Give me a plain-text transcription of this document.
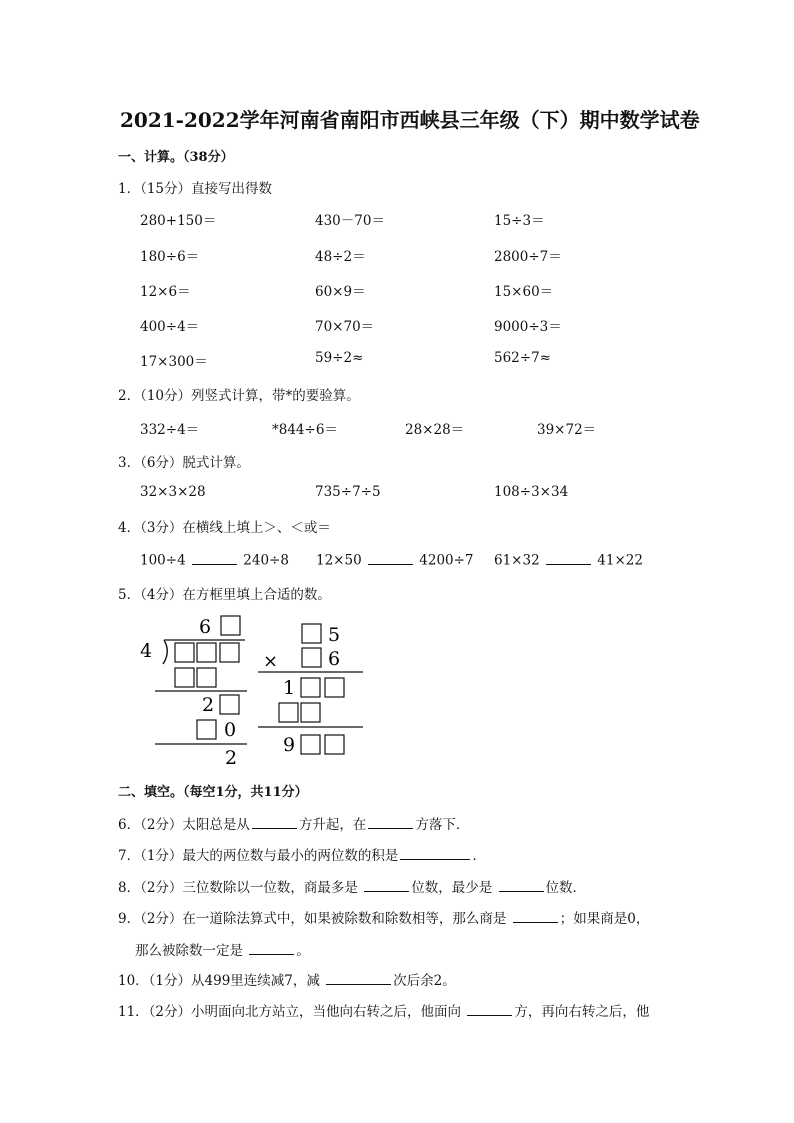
2021-2022学年河南省南阳市西峡县三年级（下）期中数学试卷
一、计算。（38分）
1．（15分）直接写出得数
280+150＝	430－70＝	15÷3＝
180÷6＝	48÷2＝	2800÷7＝
12×6＝	60×9＝	15×60＝
400÷4＝	70×70＝	9000÷3＝
17×300＝	59÷2≈	562÷7≈
2．（10分）列竖式计算，带*的要验算。
332÷4＝	*844÷6＝	28×28＝	39×72＝
3．（6分）脱式计算。
32×3×28	735÷7÷5	108÷3×34
4．（3分）在横线上填上＞、＜或＝
100÷4	240÷8 12×50	4200÷7 61×32	41×22
5．（4分）在方框里填上合适的数。
6
4
2
0
2
5
×	6
1
9
二、填空。（每空1分，共11分）
6．（2分）太阳总是从	方升起，在	方落下．
7．（1分）最大的两位数与最小的两位数的积是	．
8．（2分）三位数除以一位数，商最多是	位数，最少是	位数．
9．（2分）在一道除法算式中，如果被除数和除数相等，那么商是	；如果商是0，
那么被除数一定是	。
10．（1分）从499里连续减7，减	次后余2。
11．（2分）小明面向北方站立，当他向右转之后，他面向	方，再向右转之后，他
